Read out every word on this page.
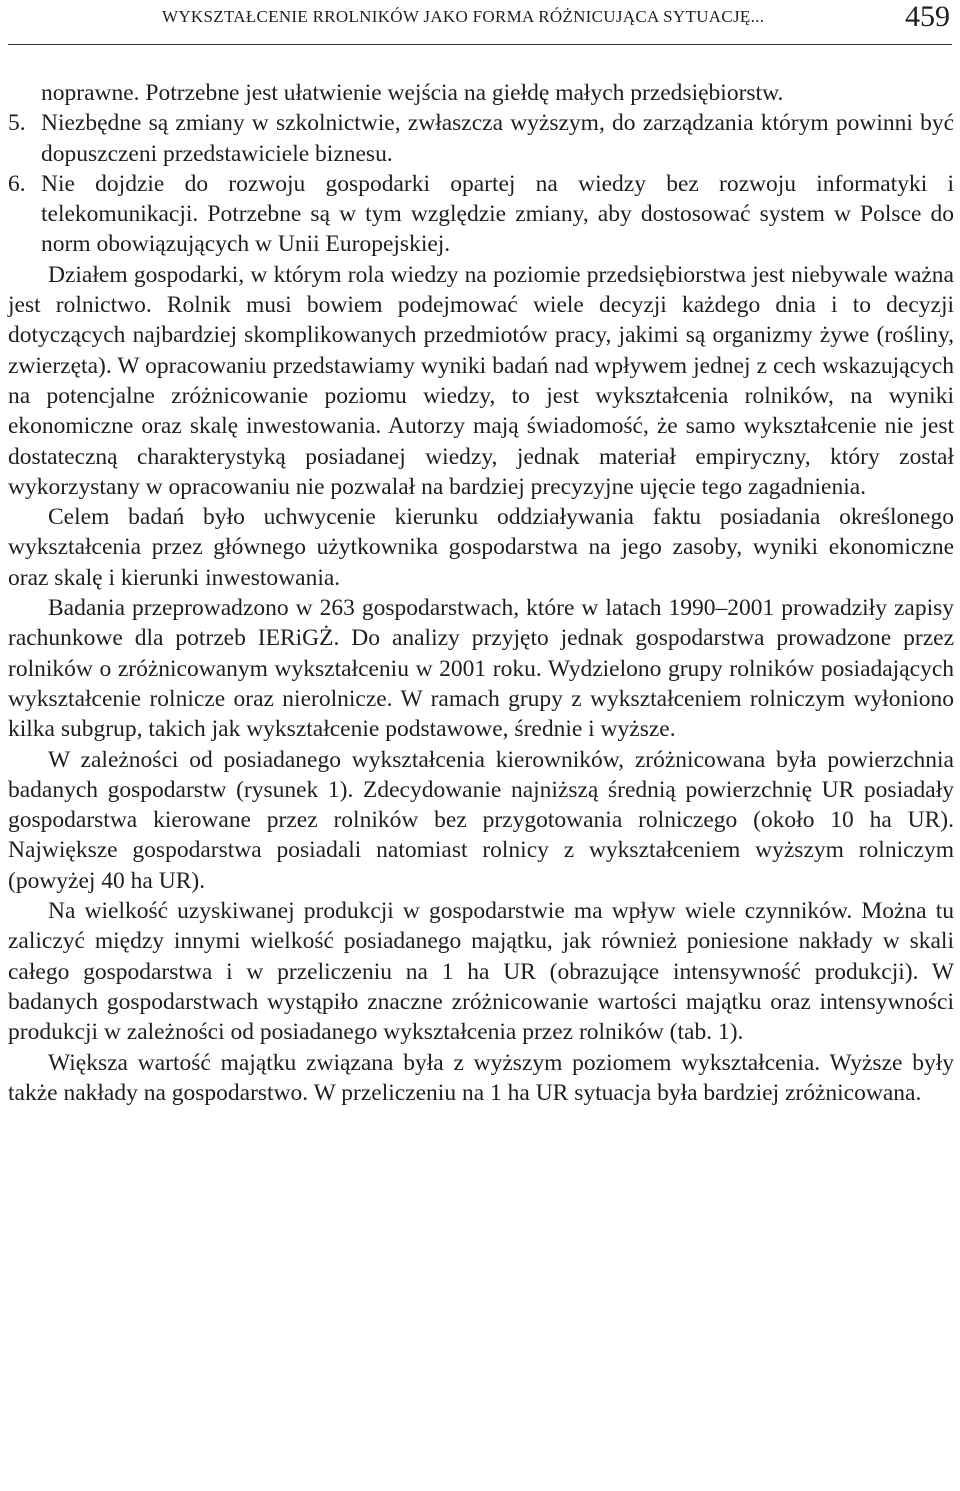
WYKSZTAŁCENIE RROLNIKÓW JAKO FORMA RÓŻNICUJĄCA SYTUACJĘ...	459

noprawne. Potrzebne jest ułatwienie wejścia na giełdę małych przedsiębiorstw.

5. Niezbędne są zmiany w szkolnictwie, zwłaszcza wyższym, do zarządzania którym powinni być dopuszczeni przedstawiciele biznesu.

6. Nie dojdzie do rozwoju gospodarki opartej na wiedzy bez rozwoju informatyki i telekomunikacji. Potrzebne są w tym względzie zmiany, aby dostosować system w Polsce do norm obowiązujących w Unii Europejskiej.

Działem gospodarki, w którym rola wiedzy na poziomie przedsiębiorstwa jest niebywale ważna jest rolnictwo. Rolnik musi bowiem podejmować wiele decyzji każdego dnia i to decyzji dotyczących najbardziej skomplikowanych przedmiotów pracy, jakimi są organizmy żywe (rośliny, zwierzęta). W opracowaniu przedstawiamy wyniki badań nad wpływem jednej z cech wskazujących na potencjalne zróżnicowanie poziomu wiedzy, to jest wykształcenia rolników, na wyniki ekonomiczne oraz skalę inwestowania. Autorzy mają świadomość, że samo wykształcenie nie jest dostateczną charakterystyką posiadanej wiedzy, jednak materiał empiryczny, który został wykorzystany w opracowaniu nie pozwalał na bardziej precyzyjne ujęcie tego zagadnienia.

Celem badań było uchwycenie kierunku oddziaływania faktu posiadania określonego wykształcenia przez głównego użytkownika gospodarstwa na jego zasoby, wyniki ekonomiczne oraz skalę i kierunki inwestowania.

Badania przeprowadzono w 263 gospodarstwach, które w latach 1990–2001 prowadziły zapisy rachunkowe dla potrzeb IERiGŻ. Do analizy przyjęto jednak gospodarstwa prowadzone przez rolników o zróżnicowanym wykształceniu w 2001 roku. Wydzielono grupy rolników posiadających wykształcenie rolnicze oraz nierolnicze. W ramach grupy z wykształceniem rolniczym wyłoniono kilka subgrup, takich jak wykształcenie podstawowe, średnie i wyższe.

W zależności od posiadanego wykształcenia kierowników, zróżnicowana była powierzchnia badanych gospodarstw (rysunek 1). Zdecydowanie najniższą średnią powierzchnię UR posiadały gospodarstwa kierowane przez rolników bez przygotowania rolniczego (około 10 ha UR). Największe gospodarstwa posiadali natomiast rolnicy z wykształceniem wyższym rolniczym (powyżej 40 ha UR).

Na wielkość uzyskiwanej produkcji w gospodarstwie ma wpływ wiele czynników. Można tu zaliczyć między innymi wielkość posiadanego majątku, jak również poniesione nakłady w skali całego gospodarstwa i w przeliczeniu na 1 ha UR (obrazujące intensywność produkcji). W badanych gospodarstwach wystąpiło znaczne zróżnicowanie wartości majątku oraz intensywności produkcji w zależności od posiadanego wykształcenia przez rolników (tab. 1).

Większa wartość majątku związana była z wyższym poziomem wykształcenia. Wyższe były także nakłady na gospodarstwo. W przeliczeniu na 1 ha UR sytuacja była bardziej zróżnicowana.
